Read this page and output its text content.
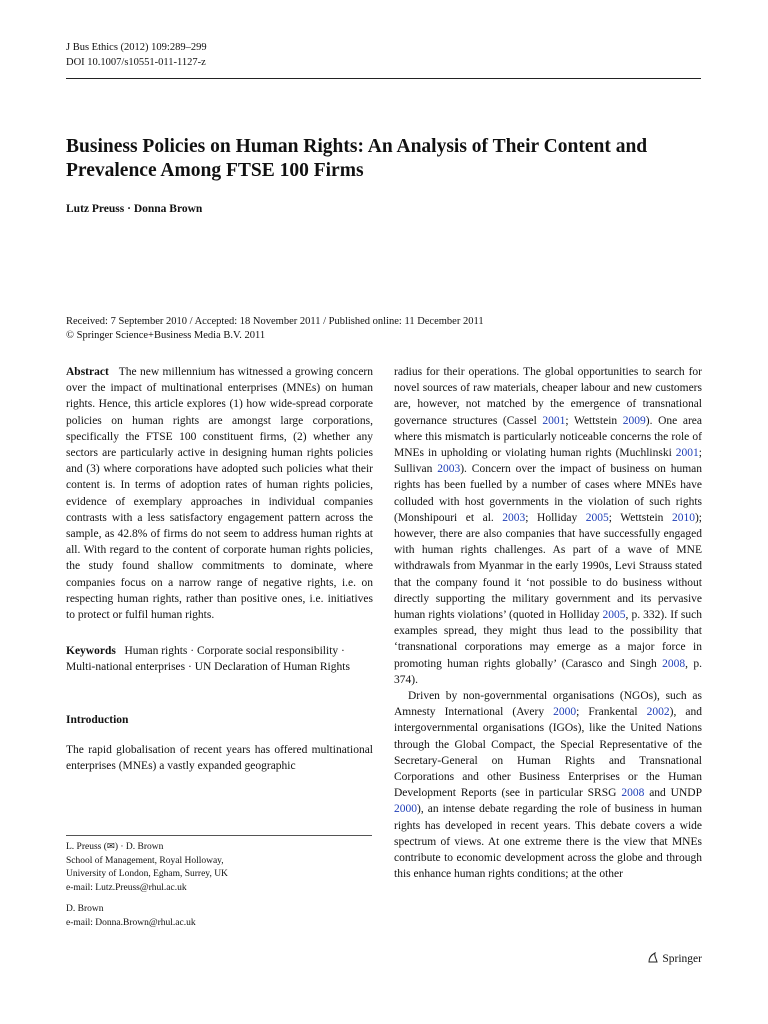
J Bus Ethics (2012) 109:289–299
DOI 10.1007/s10551-011-1127-z
Business Policies on Human Rights: An Analysis of Their Content and Prevalence Among FTSE 100 Firms
Lutz Preuss · Donna Brown
Received: 7 September 2010 / Accepted: 18 November 2011 / Published online: 11 December 2011
© Springer Science+Business Media B.V. 2011
Abstract The new millennium has witnessed a growing concern over the impact of multinational enterprises (MNEs) on human rights. Hence, this article explores (1) how wide-spread corporate policies on human rights are amongst large corporations, specifically the FTSE 100 constituent firms, (2) whether any sectors are particularly active in designing human rights policies and (3) where corporations have adopted such policies what their content is. In terms of adoption rates of human rights policies, evidence of exemplary approaches in individual companies contrasts with a less satisfactory engagement pattern across the sample, as 42.8% of firms do not seem to address human rights at all. With regard to the content of corporate human rights policies, the study found shallow commitments to dominate, where companies focus on a narrow range of negative rights, i.e. on respecting human rights, rather than positive ones, i.e. initiatives to protect or fulfil human rights.
Keywords Human rights · Corporate social responsibility · Multi-national enterprises · UN Declaration of Human Rights
Introduction
The rapid globalisation of recent years has offered multinational enterprises (MNEs) a vastly expanded geographic
L. Preuss (✉) · D. Brown
School of Management, Royal Holloway,
University of London, Egham, Surrey, UK
e-mail: Lutz.Preuss@rhul.ac.uk
D. Brown
e-mail: Donna.Brown@rhul.ac.uk
radius for their operations. The global opportunities to search for novel sources of raw materials, cheaper labour and new customers are, however, not matched by the emergence of transnational governance structures (Cassel 2001; Wettstein 2009). One area where this mismatch is particularly noticeable concerns the role of MNEs in upholding or violating human rights (Muchlinski 2001; Sullivan 2003). Concern over the impact of business on human rights has been fuelled by a number of cases where MNEs have colluded with host governments in the violation of such rights (Monshipouri et al. 2003; Holliday 2005; Wettstein 2010); however, there are also companies that have successfully engaged with human rights challenges. As part of a wave of MNE withdrawals from Myanmar in the early 1990s, Levi Strauss stated that the company found it ‘not possible to do business without directly supporting the military government and its pervasive human rights violations’ (quoted in Holliday 2005, p. 332). If such examples spread, they might thus lead to the possibility that ‘transnational corporations may emerge as a major force in promoting human rights globally’ (Carasco and Singh 2008, p. 374).
Driven by non-governmental organisations (NGOs), such as Amnesty International (Avery 2000; Frankental 2002), and intergovernmental organisations (IGOs), like the United Nations through the Global Compact, the Special Representative of the Secretary-General on Human Rights and Transnational Corporations and other Business Enterprises or the Human Development Reports (see in particular SRSG 2008 and UNDP 2000), an intense debate regarding the role of business in human rights has developed in recent years. This debate covers a wide spectrum of views. At one extreme there is the view that MNEs contribute to economic development across the globe and through this enhance human rights conditions; at the other
Springer
